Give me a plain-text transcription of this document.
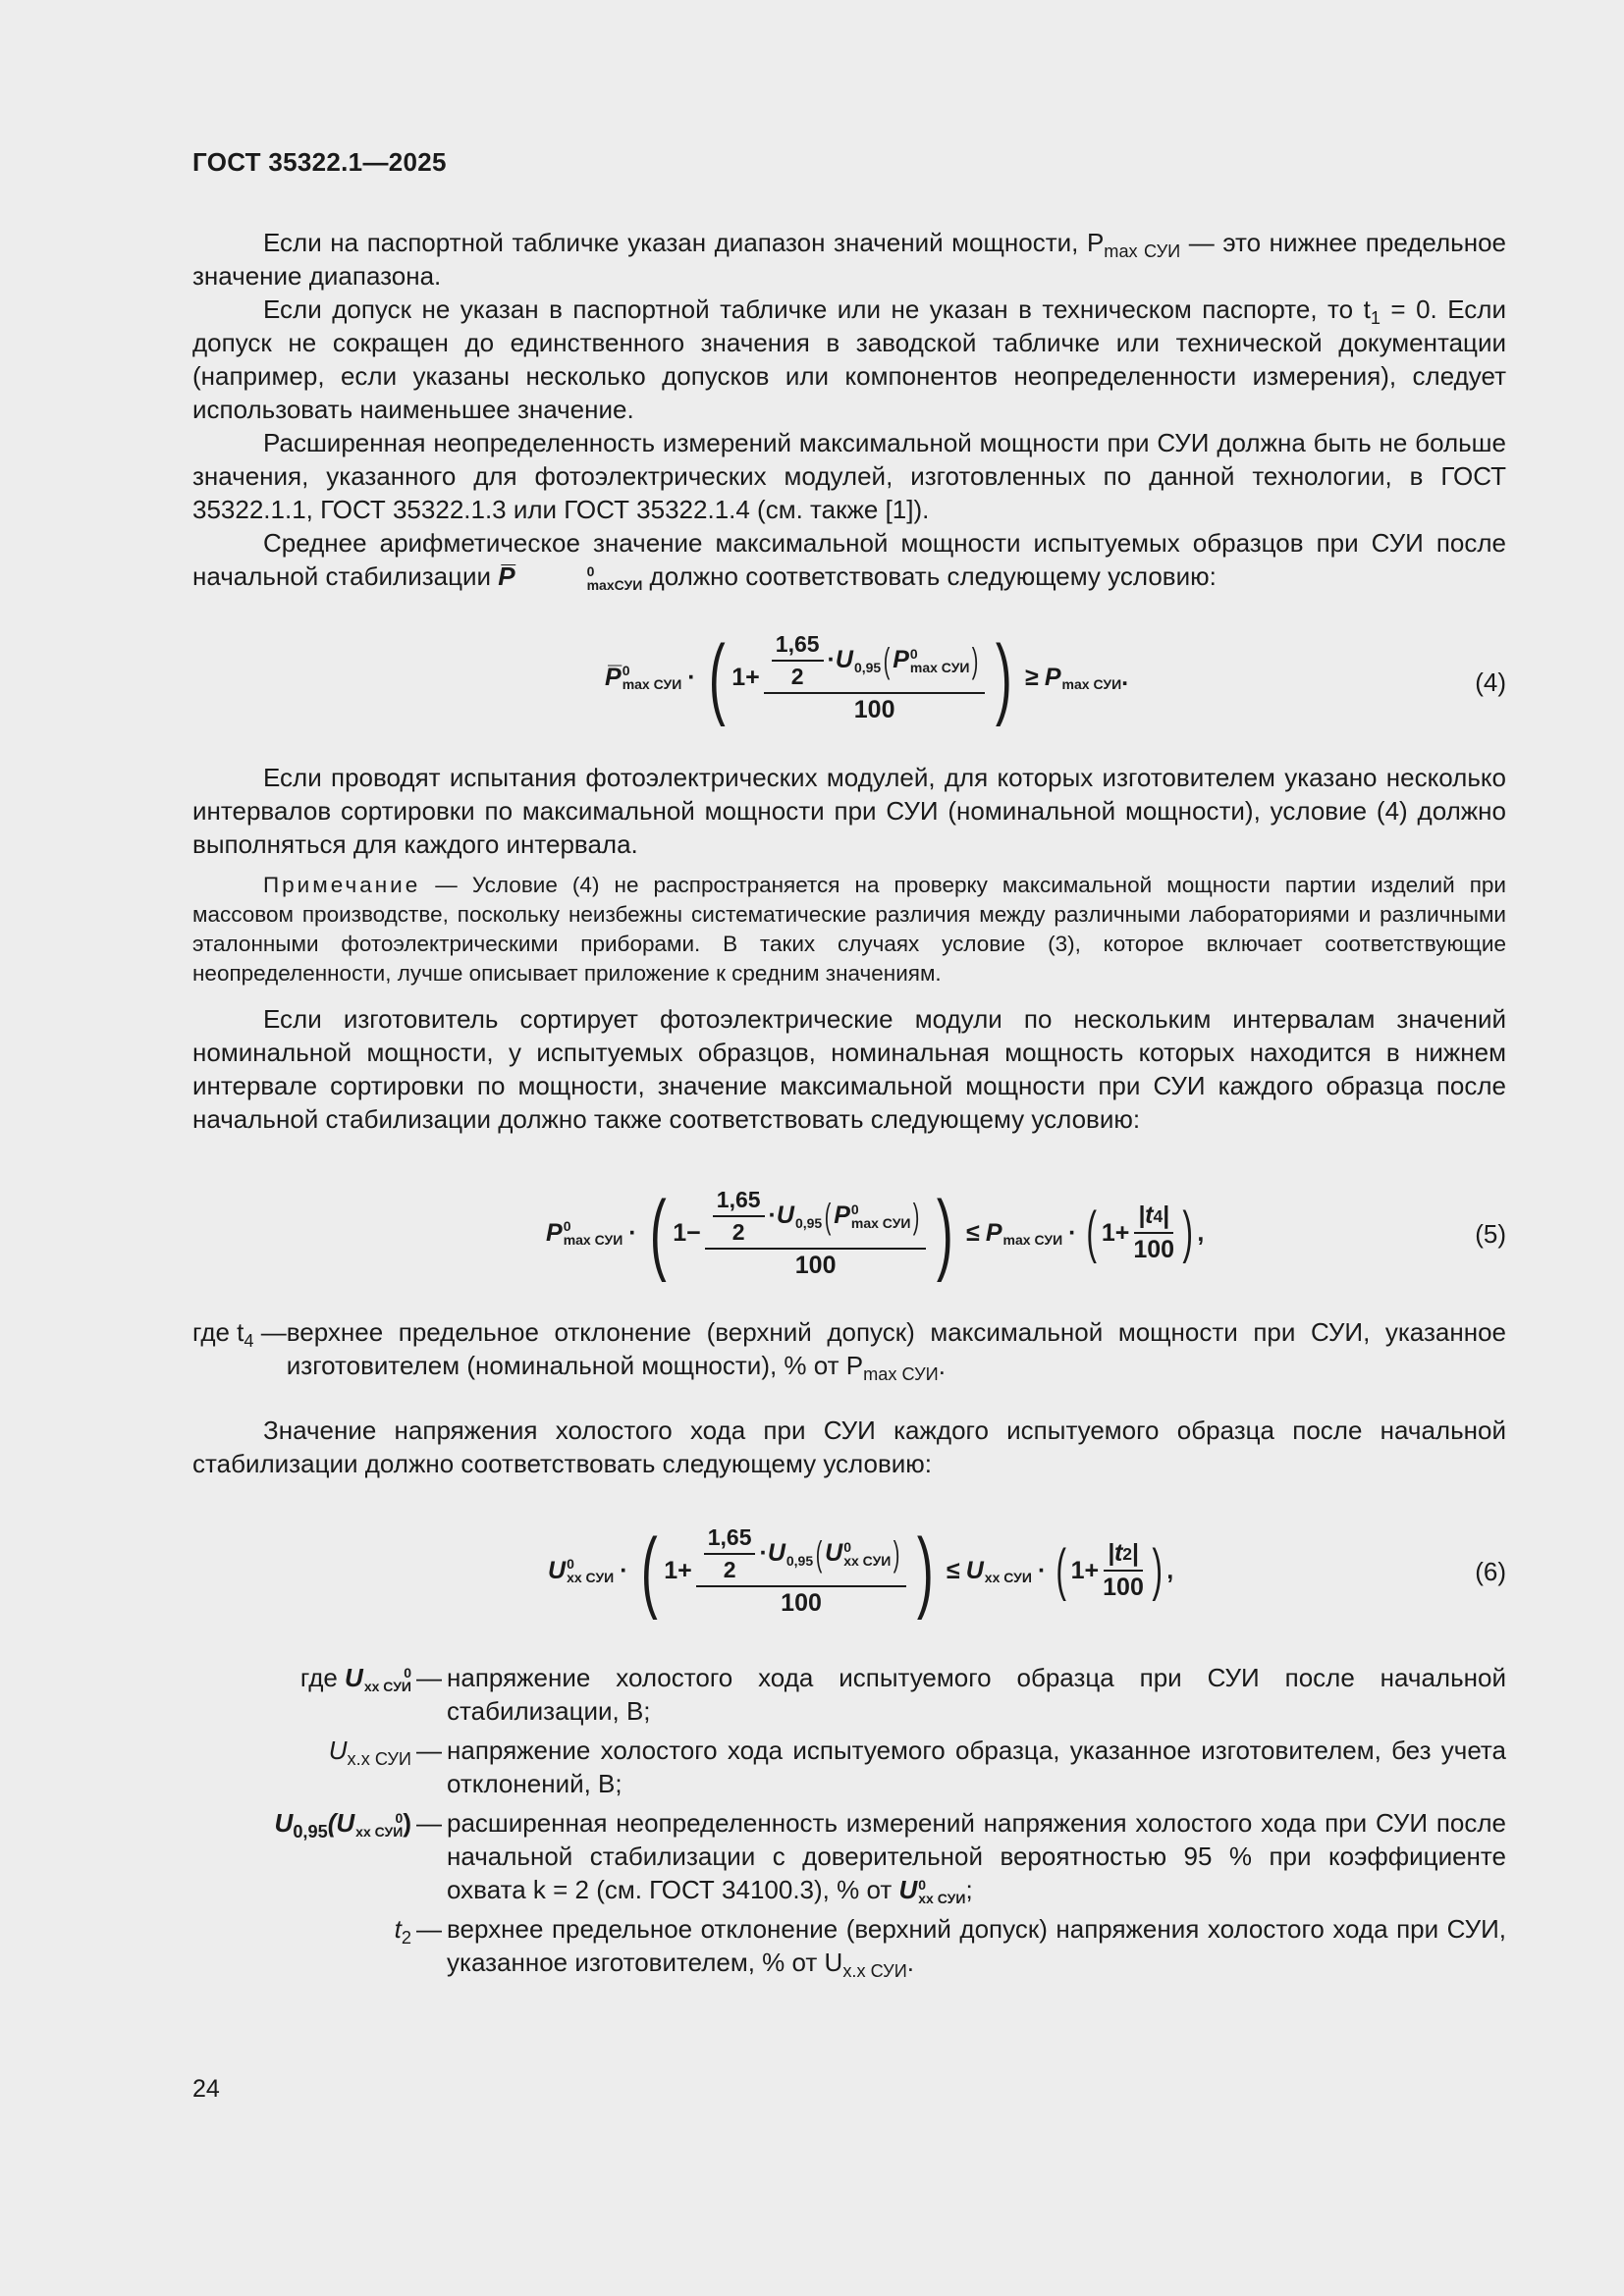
ГОСТ 35322.1—2025

Если на паспортной табличке указан диапазон значений мощности, $P_{max СУИ}$ — это нижнее предельное значение диапазона.

Если допуск не указан в паспортной табличке или не указан в техническом паспорте, то $t_1 = 0$. Если допуск не сокращен до единственного значения в заводской табличке или технической документации (например, если указаны несколько допусков или компонентов неопределенности измерения), следует использовать наименьшее значение.

Расширенная неопределенность измерений максимальной мощности при СУИ должна быть не больше значения, указанного для фотоэлектрических модулей, изготовленных по данной технологии, в ГОСТ 35322.1.1, ГОСТ 35322.1.3 или ГОСТ 35322.1.4 (см. также [1]).

Среднее арифметическое значение максимальной мощности испытуемых образцов при СУИ после начальной стабилизации P̅	0
maxСУИ должно соответствовать следующему условию:

P̅ 0
max СУИ · ( $1+ \frac{1,65}{2} \cdot U$
0,95 ( P 0
max СУИ )
100 ) ≥ P
max СУИ .	(4)

Если проводят испытания фотоэлектрических модулей, для которых изготовителем указано несколько интервалов сортировки по максимальной мощности при СУИ (номинальной мощности), условие (4) должно выполняться для каждого интервала.

Примечание — Условие (4) не распространяется на проверку максимальной мощности партии изделий при массовом производстве, поскольку неизбежны систематические различия между различными лабораториями и различными эталонными фотоэлектрическими приборами. В таких случаях условие (3), которое включает соответствующие неопределенности, лучше описывает приложение к средним значениям.

Если изготовитель сортирует фотоэлектрические модули по нескольким интервалам значений номинальной мощности, у испытуемых образцов, номинальная мощность которых находится в нижнем интервале сортировки по мощности, значение максимальной мощности при СУИ каждого образца после начальной стабилизации должно также соответствовать следующему условию:

P 0
max СУИ · ( $1- \frac{1,65}{2} \cdot U$
0,95 ( P 0
max СУИ )
100 ) ≤ P
max СУИ · ( $1+ \frac{|t 4 |}{100}$ ) ,	(5)
где $t_4$ — верхнее предельное отклонение (верхний допуск) максимальной мощности при СУИ, указанное изготовителем (номинальной мощности), % от $P_{max СУИ}$.

Значение напряжения холостого хода при СУИ каждого испытуемого образца после начальной стабилизации должно соответствовать следующему условию:

U 0
xx СУИ · ( $1+ \frac{1,65}{2} \cdot U$
0,95 ( U 0
xx СУИ )
100 ) ≤ U
xx СУИ · ( $1+ \frac{|t 2 |}{100}$ ) ,	(6)
где U	0
xx СУИ — напряжение холостого хода испытуемого образца при СУИ после начальной стабилизации, В;
$U_{х.х СУИ}$ — напряжение холостого хода испытуемого образца, указанное изготовителем, без учета отклонений, В;
$U_{0,95}(U$	0
xx СУИ ) — расширенная неопределенность измерений напряжения холостого хода при СУИ после начальной стабилизации с доверительной вероятностью 95 % при коэффициенте охвата k = 2 (см. ГОСТ 34100.3), % от U 0
xx СУИ ;
$t_2$ — верхнее предельное отклонение (верхний допуск) напряжения холостого хода при СУИ, указанное изготовителем, % от $U_{х.х СУИ}$.
24
